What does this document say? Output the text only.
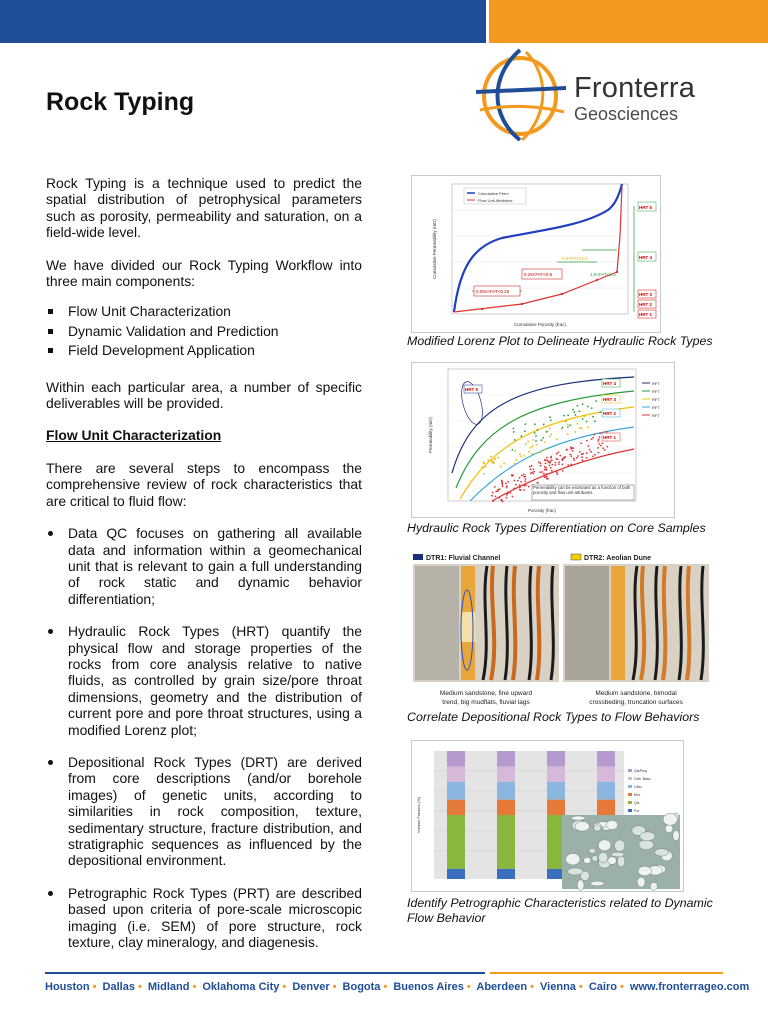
Fronterra
Geosciences
Rock Typing

Rock Typing is a technique used to predict the spatial distribution of petrophysical parameters such as porosity, permeability and saturation, on a field-wide level.

We have divided our Rock Typing Workflow into three main components:

Flow Unit Characterization
Dynamic Validation and Prediction
Field Development Application

Within each particular area, a number of specific deliverables will be provided.

Flow Unit Characterization

There are several steps to encompass the comprehensive review of rock characteristics that are critical to fluid flow:

Data QC focuses on gathering all available data and information within a geomechanical unit that is relevant to gain a full understanding of rock static and dynamic behavior differentiation;
Hydraulic Rock Types (HRT) quantify the physical flow and storage properties of the rocks from core analysis relative to native fluids, as controlled by grain size/pore throat dimensions, geometry and the distribution of current pore and pore throat structures, using a modified Lorenz plot;
Depositional Rock Types (DRT) are derived from core descriptions (and/or borehole images) of genetic units, according to similarities in rock composition, texture, sedimentary structure, fracture distribution, and stratigraphic sequences as influenced by the depositional environment.
Petrographic Rock Types (PRT) are described based upon criteria of pore-scale microscopic imaging (i.e. SEM) of pore structure, rock texture, clay mineralogy, and diagenesis.
0.001<FAT<0.25
0.25<FAT<0.5
0.5<FAT<1.0
1.0<FAT<1.5
HRT 5
HRT 4
HRT 3
HRT 2
HRT 1
Cumulative Perm
Flow Unit Attributes
Cumulative Porosity (frac)
Cumulative Permeability (mD)
Modified Lorenz Plot to Delineate Hydraulic Rock Types
HRT 5
HRT 4
HRT 3
HRT 2
HRT 1
Permeability can be estimated as a function of both porosity and flow unit attributes.
RFT
RFT
RFT
RFT
RFT
Porosity (frac)
Permeability (mD)
Hydraulic Rock Types Differentiation on Core Samples
DTR1: Fluvial Channel	DTR2: Aeolian Dune
Medium sandstone, fine upward
trend, big mudflats, fluvial lags
Medium sandstone, bimodal
crossbeding, truncation surfaces
Correlate Depositional Rock Types to Flow Behaviors
Qtz/Ruq
Orth. Basc.
Litho
Mnr
Qtz
Por
Volume Fraction (%)
Identify Petrographic Characteristics related to Dynamic Flow Behavior
Houston • Dallas • Midland • Oklahoma City • Denver • Bogota • Buenos Aires • Aberdeen • Vienna • Cairo • www.fronterrageo.com
